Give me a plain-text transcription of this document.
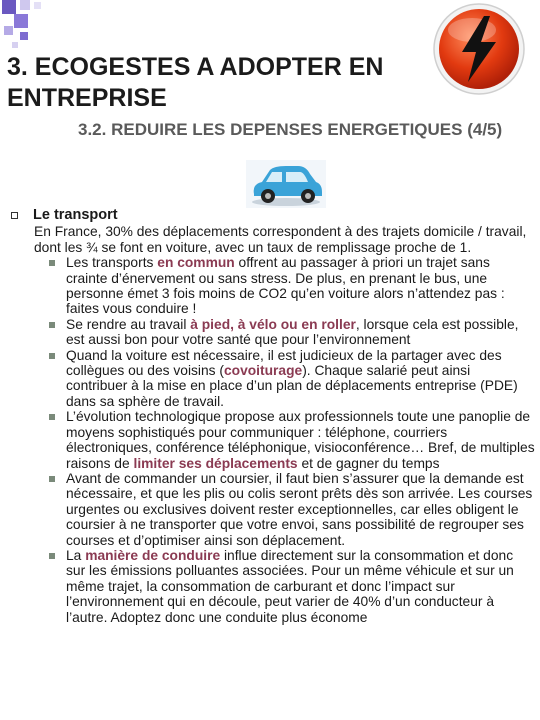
3. ECOGESTES A ADOPTER EN ENTREPRISE
3.2. REDUIRE LES DEPENSES ENERGETIQUES (4/5)
Le transport
En France, 30% des déplacements correspondent à des trajets domicile / travail, dont les ¾ se font en voiture, avec un taux de remplissage proche de 1.
Les transports en commun offrent au passager à priori un trajet sans crainte d’énervement ou sans stress. De plus, en prenant le bus, une personne émet 3 fois moins de CO2 qu’en voiture alors n’attendez pas : faites vous conduire !
Se rendre au travail à pied, à vélo ou en roller, lorsque cela est possible, est aussi bon pour votre santé que pour l’environnement
Quand la voiture est nécessaire, il est judicieux de la partager avec des collègues ou des voisins (covoiturage). Chaque salarié peut ainsi contribuer à la mise en place d’un plan de déplacements entreprise (PDE) dans sa sphère de travail.
L’évolution technologique propose aux professionnels toute une panoplie de moyens sophistiqués pour communiquer : téléphone, courriers électroniques, conférence téléphonique, visioconférence… Bref, de multiples raisons de limiter ses déplacements et de gagner du temps
Avant de commander un coursier, il faut bien s’assurer que la demande est nécessaire, et que les plis ou colis seront prêts dès son arrivée. Les courses urgentes ou exclusives doivent rester exceptionnelles, car elles obligent le coursier à ne transporter que votre envoi, sans possibilité de regrouper ses courses et d’optimiser ainsi son déplacement.
La manière de conduire influe directement sur la consommation et donc sur les émissions polluantes associées. Pour un même véhicule et sur un même trajet, la consommation de carburant et donc l’impact sur l’environnement qui en découle, peut varier de 40% d’un conducteur à l’autre. Adoptez donc une conduite plus économe
